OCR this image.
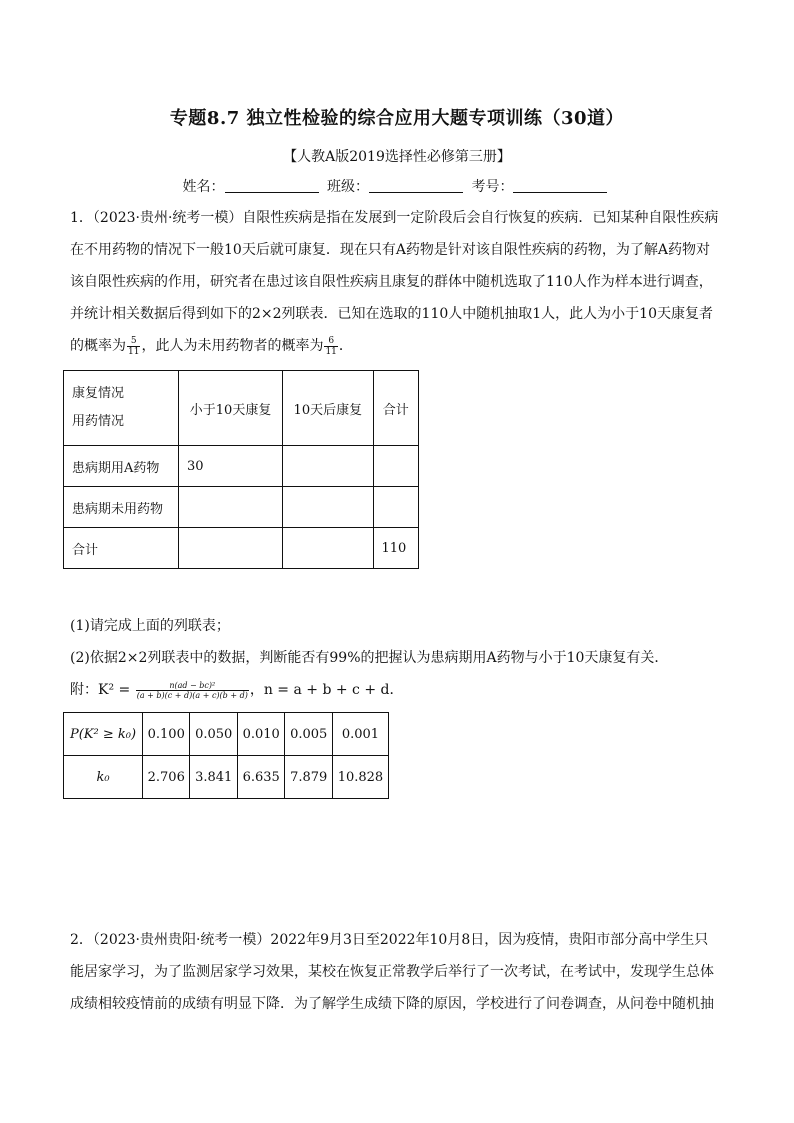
专题8.7 独立性检验的综合应用大题专项训练（30道）
【人教A版2019选择性必修第三册】
姓名：	班级：	考号：
1．（2023·贵州·统考一模）自限性疾病是指在发展到一定阶段后会自行恢复的疾病．已知某种自限性疾病
在不用药物的情况下一般10天后就可康复．现在只有A药物是针对该自限性疾病的药物，为了解A药物对
该自限性疾病的作用，研究者在患过该自限性疾病且康复的群体中随机选取了110人作为样本进行调查，
并统计相关数据后得到如下的2×2列联表．已知在选取的110人中随机抽取1人，此人为小于10天康复者
的概率为 $\frac{5}{11}$ ，此人为未用药物者的概率为 $\frac{6}{11}$ ．
康复情况
用药情况	小于10天康复	10天后康复	合计
患病期用A药物	30		
患病期未用药物			
合计			110
(1)请完成上面的列联表；
(2)依据2×2列联表中的数据，判断能否有99%的把握认为患病期用A药物与小于10天康复有关．
附：$K^2 = \frac{\text{n(ad − bc)²}}{(a + b)(c + d)(a + c)(b + d)}$ ，n = a + b + c + d．
P(K² ≥ k₀)	0.100	0.050	0.010	0.005	0.001
k₀	2.706	3.841	6.635	7.879	10.828
2．（2023·贵州贵阳·统考一模）2022年9月3日至2022年10月8日，因为疫情，贵阳市部分高中学生只
能居家学习，为了监测居家学习效果，某校在恢复正常教学后举行了一次考试，在考试中，发现学生总体
成绩相较疫情前的成绩有明显下降．为了解学生成绩下降的原因，学校进行了问卷调查，从问卷中随机抽
